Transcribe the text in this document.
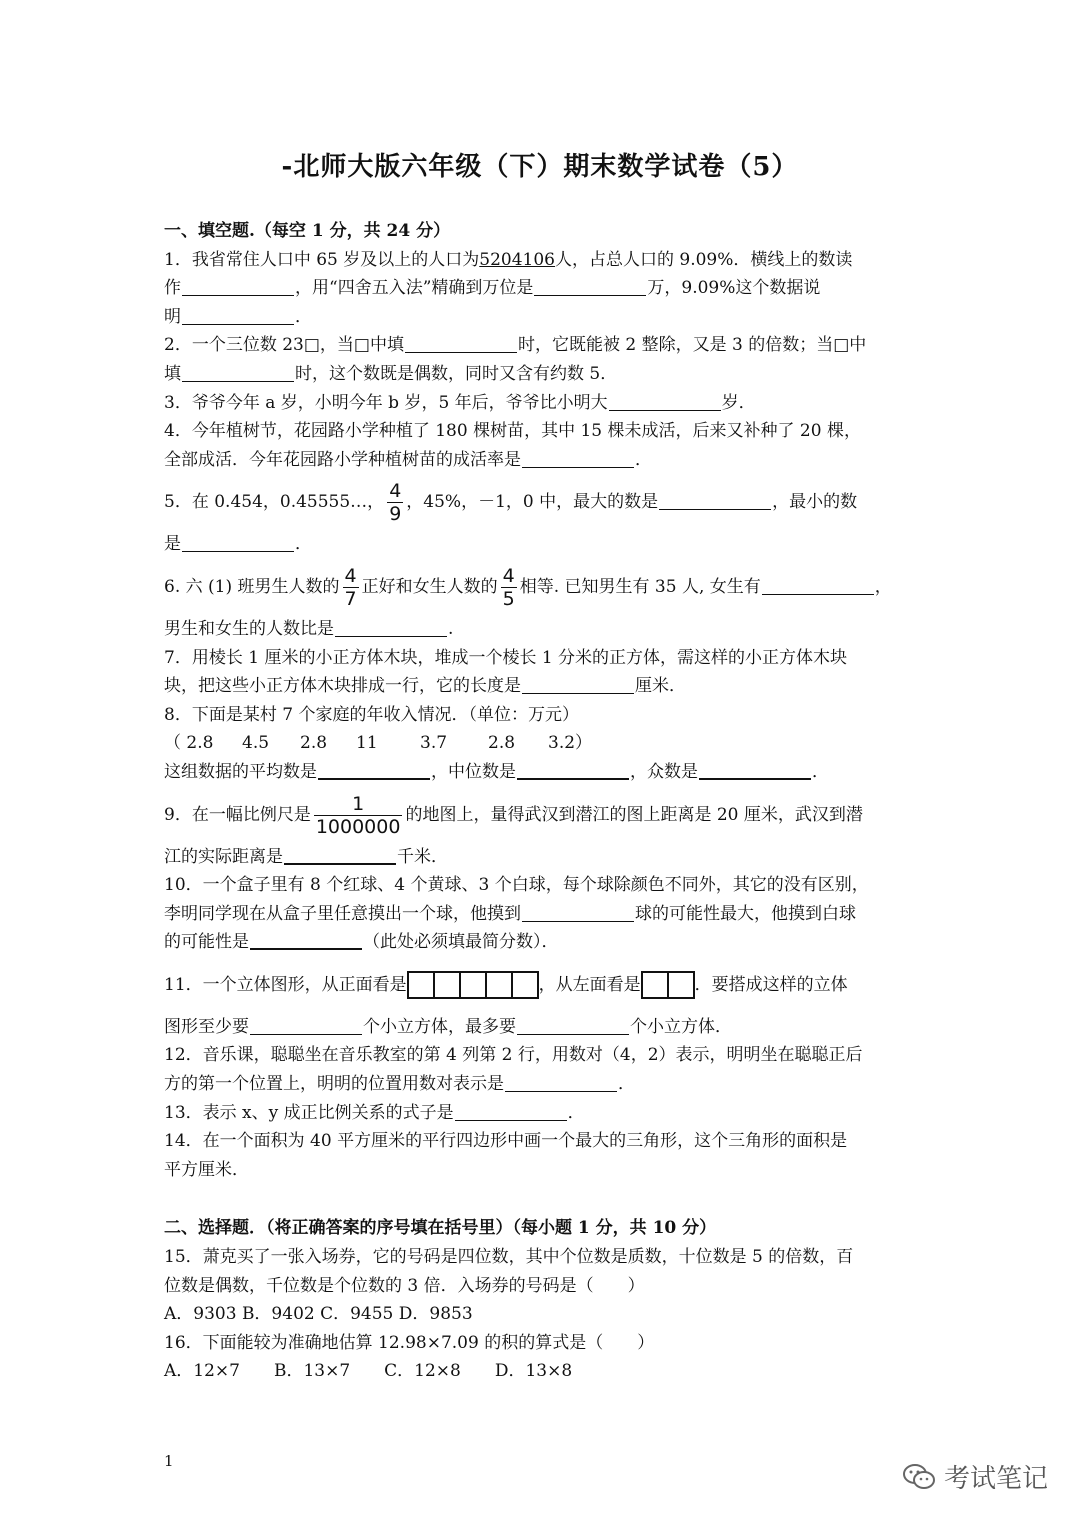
-北师大版六年级（下）期末数学试卷（5）

一、填空题.（每空 1 分，共 24 分）

1．我省常住人口中 65 岁及以上的人口为5204106人，占总人口的 9.09%．横线上的数读

作	，用“四舍五入法”精确到万位是	万，9.09%这个数据说

明	．

2．一个三位数 23□，当□中填	时，它既能被 2 整除，又是 3 的倍数；当□中

填	时，这个数既是偶数，同时又含有约数 5．

3．爷爷今年 a 岁，小明今年 b 岁，5 年后，爷爷比小明大	岁．

4．今年植树节，花园路小学种植了 180 棵树苗，其中 15 棵未成活，后来又补种了 20 棵，

全部成活．今年花园路小学种植树苗的成活率是	．

5．在 0.454，0.45555…， $\frac{4}{9}$ ，45%，－1，0 中，最大的数是	，最小的数

是	．

6. 六 (1) 班男生人数的 $\frac{4}{7}$ 正好和女生人数的 $\frac{4}{5}$ 相等. 已知男生有 35 人, 女生有	，

男生和女生的人数比是	.

7．用棱长 1 厘米的小正方体木块，堆成一个棱长 1 分米的正方体，需这样的小正方体木块

块，把这些小正方体木块排成一行，它的长度是	厘米．

8．下面是某村 7 个家庭的年收入情况．（单位：万元）

（ 2.8 4.5 2.8 11 3.7 2.8 3.2）

这组数据的平均数是	，中位数是	，众数是	．

9．在一幅比例尺是 $\frac{1}{1000000}$ 的地图上，量得武汉到潜江的图上距离是 20 厘米，武汉到潜

江的实际距离是	千米．

10．一个盒子里有 8 个红球、4 个黄球、3 个白球，每个球除颜色不同外，其它的没有区别，

李明同学现在从盒子里任意摸出一个球，他摸到	球的可能性最大，他摸到白球

的可能性是	（此处必须填最简分数）．

11．一个立体图形，从正面看是	，从左面看是	．要搭成这样的立体

图形至少要	个小立方体，最多要	个小立方体．

12．音乐课，聪聪坐在音乐教室的第 4 列第 2 行，用数对（4，2）表示，明明坐在聪聪正后

方的第一个位置上，明明的位置用数对表示是	．

13．表示 x、y 成正比例关系的式子是	．

14．在一个面积为 40 平方厘米的平行四边形中画一个最大的三角形，这个三角形的面积是

平方厘米．

二、选择题．（将正确答案的序号填在括号里）（每小题 1 分，共 10 分）

15．萧克买了一张入场券，它的号码是四位数，其中个位数是质数，十位数是 5 的倍数，百

位数是偶数，千位数是个位数的 3 倍．入场券的号码是（　　）

A．9303 B．9402 C．9455 D．9853

16．下面能较为准确地估算 12.98×7.09 的积的算式是（　　）

A．12×7　　B．13×7　　C．12×8　　D．13×8

1
考试笔记
